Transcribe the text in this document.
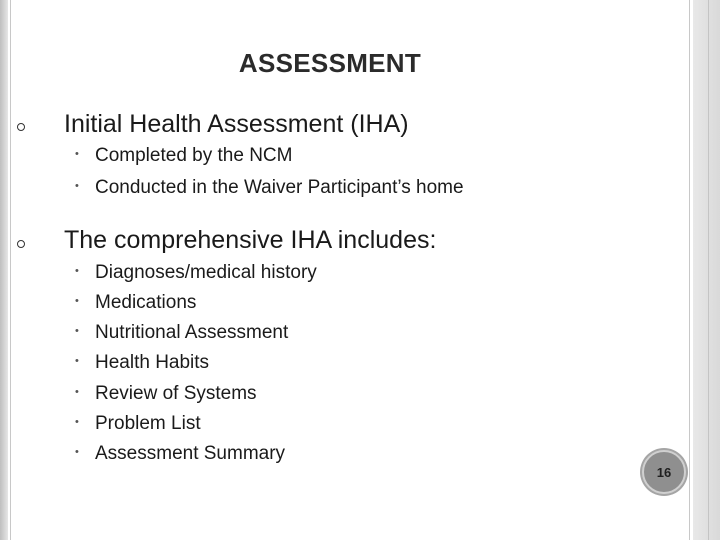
ASSESSMENT
Initial Health Assessment (IHA)
• Completed by the NCM
• Conducted in the Waiver Participant’s home
The comprehensive IHA includes:
• Diagnoses/medical history
• Medications
• Nutritional Assessment
• Health Habits
• Review of Systems
• Problem List
• Assessment Summary
16
